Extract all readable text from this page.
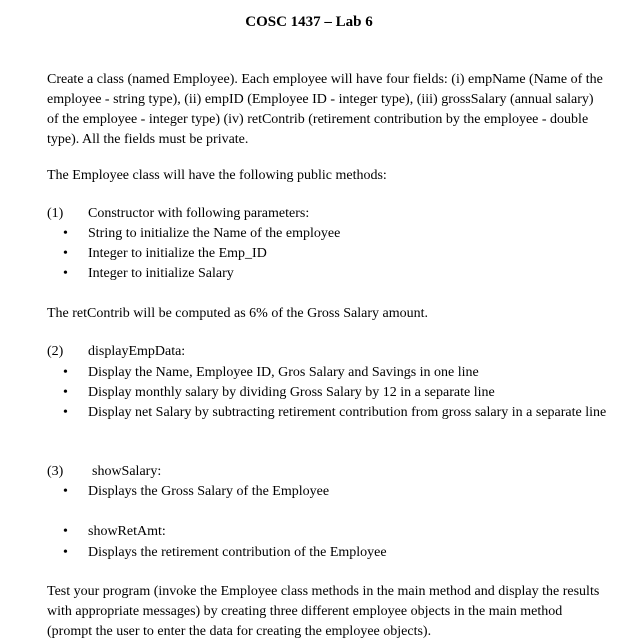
COSC 1437 – Lab 6

Create a class (named Employee). Each employee will have four fields: (i) empName (Name of the employee - string type), (ii) empID (Employee ID - integer type), (iii) grossSalary (annual salary) of the employee - integer type) (iv) retContrib (retirement contribution by the employee - double type). All the fields must be private.

The Employee class will have the following public methods:

(1) Constructor with following parameters:
• String to initialize the Name of the employee
• Integer to initialize the Emp_ID
• Integer to initialize Salary

The retContrib will be computed as 6% of the Gross Salary amount.

(2) displayEmpData:
• Display the Name, Employee ID, Gros Salary and Savings in one line
• Display monthly salary by dividing Gross Salary by 12 in a separate line
• Display net Salary by subtracting retirement contribution from gross salary in a separate line
(3) showSalary:
• Displays the Gross Salary of the Employee
• showRetAmt:
• Displays the retirement contribution of the Employee

Test your program (invoke the Employee class methods in the main method and display the results with appropriate messages) by creating three different employee objects in the main method (prompt the user to enter the data for creating the employee objects).
